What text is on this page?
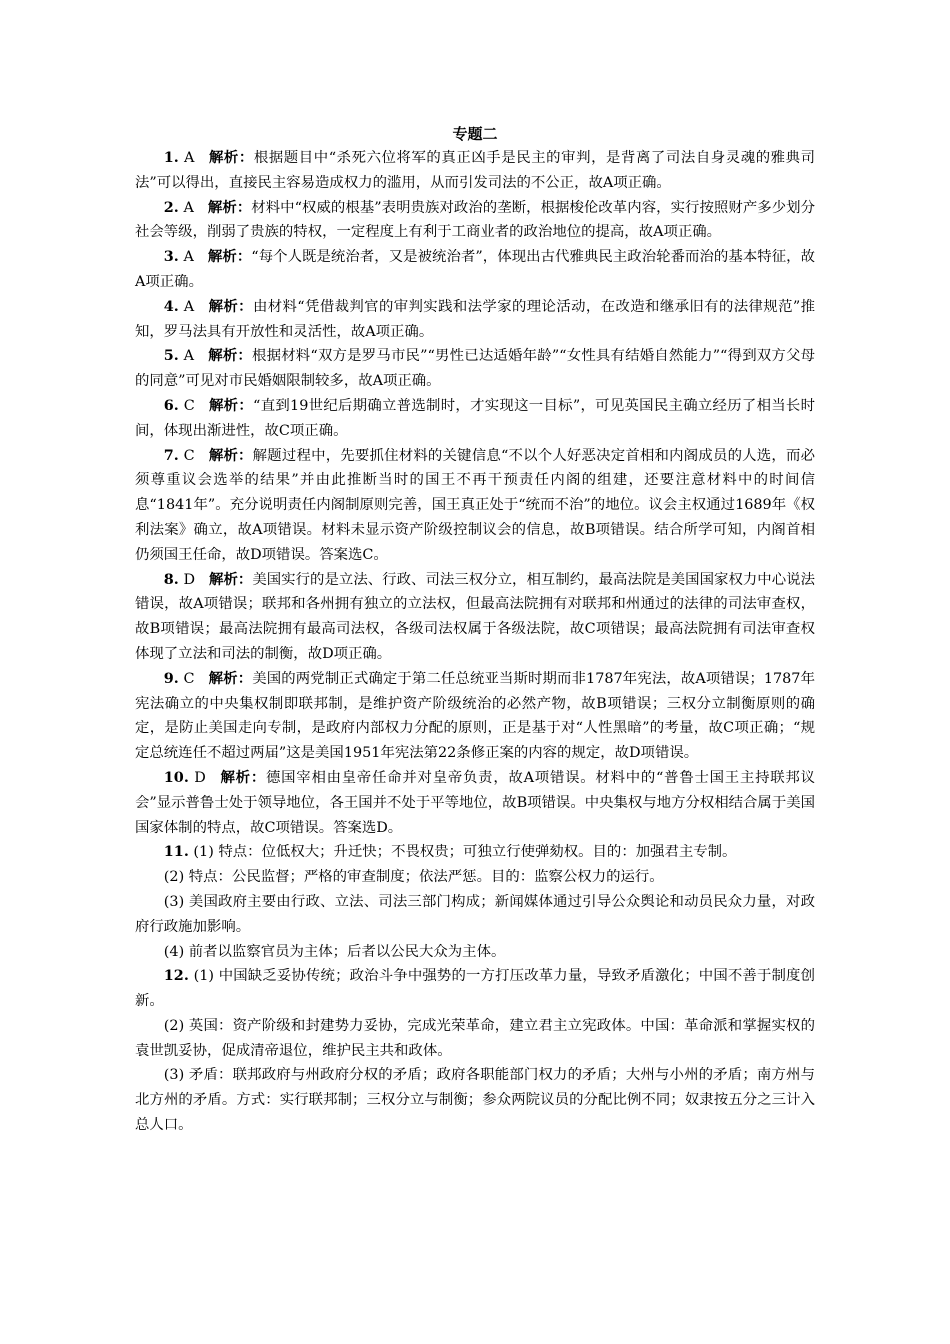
专题二

1. A 解析：根据题目中“杀死六位将军的真正凶手是民主的审判，是背离了司法自身灵魂的雅典司法”可以得出，直接民主容易造成权力的滥用，从而引发司法的不公正，故A项正确。

2. A 解析：材料中“权威的根基”表明贵族对政治的垄断，根据梭伦改革内容，实行按照财产多少划分社会等级，削弱了贵族的特权，一定程度上有利于工商业者的政治地位的提高，故A项正确。

3. A 解析：“每个人既是统治者，又是被统治者”，体现出古代雅典民主政治轮番而治的基本特征，故A项正确。

4. A 解析：由材料“凭借裁判官的审判实践和法学家的理论活动，在改造和继承旧有的法律规范”推知，罗马法具有开放性和灵活性，故A项正确。

5. A 解析：根据材料“双方是罗马市民”“男性已达适婚年龄”“女性具有结婚自然能力”“得到双方父母的同意”可见对市民婚姻限制较多，故A项正确。

6. C 解析：“直到19世纪后期确立普选制时，才实现这一目标”，可见英国民主确立经历了相当长时间，体现出渐进性，故C项正确。

7. C 解析：解题过程中，先要抓住材料的关键信息“不以个人好恶决定首相和内阁成员的人选，而必须尊重议会选举的结果”并由此推断当时的国王不再干预责任内阁的组建，还要注意材料中的时间信息“1841年”。充分说明责任内阁制原则完善，国王真正处于“统而不治”的地位。议会主权通过1689年《权利法案》确立，故A项错误。材料未显示资产阶级控制议会的信息，故B项错误。结合所学可知，内阁首相仍须国王任命，故D项错误。答案选C。

8. D 解析：美国实行的是立法、行政、司法三权分立，相互制约，最高法院是美国国家权力中心说法错误，故A项错误；联邦和各州拥有独立的立法权，但最高法院拥有对联邦和州通过的法律的司法审查权，故B项错误；最高法院拥有最高司法权，各级司法权属于各级法院，故C项错误；最高法院拥有司法审查权体现了立法和司法的制衡，故D项正确。

9. C 解析：美国的两党制正式确定于第二任总统亚当斯时期而非1787年宪法，故A项错误；1787年宪法确立的中央集权制即联邦制，是维护资产阶级统治的必然产物，故B项错误；三权分立制衡原则的确定，是防止美国走向专制，是政府内部权力分配的原则，正是基于对“人性黑暗”的考量，故C项正确；“规定总统连任不超过两届”这是美国1951年宪法第22条修正案的内容的规定，故D项错误。

10. D 解析：德国宰相由皇帝任命并对皇帝负责，故A项错误。材料中的“普鲁士国王主持联邦议会”显示普鲁士处于领导地位，各王国并不处于平等地位，故B项错误。中央集权与地方分权相结合属于美国国家体制的特点，故C项错误。答案选D。

11. (1) 特点：位低权大；升迁快；不畏权贵；可独立行使弹劾权。目的：加强君主专制。

(2) 特点：公民监督；严格的审查制度；依法严惩。目的：监察公权力的运行。

(3) 美国政府主要由行政、立法、司法三部门构成；新闻媒体通过引导公众舆论和动员民众力量，对政府行政施加影响。

(4) 前者以监察官员为主体；后者以公民大众为主体。

12. (1) 中国缺乏妥协传统；政治斗争中强势的一方打压改革力量，导致矛盾激化；中国不善于制度创新。

(2) 英国：资产阶级和封建势力妥协，完成光荣革命，建立君主立宪政体。中国：革命派和掌握实权的袁世凯妥协，促成清帝退位，维护民主共和政体。

(3) 矛盾：联邦政府与州政府分权的矛盾；政府各职能部门权力的矛盾；大州与小州的矛盾；南方州与北方州的矛盾。方式：实行联邦制；三权分立与制衡；参众两院议员的分配比例不同；奴隶按五分之三计入总人口。
